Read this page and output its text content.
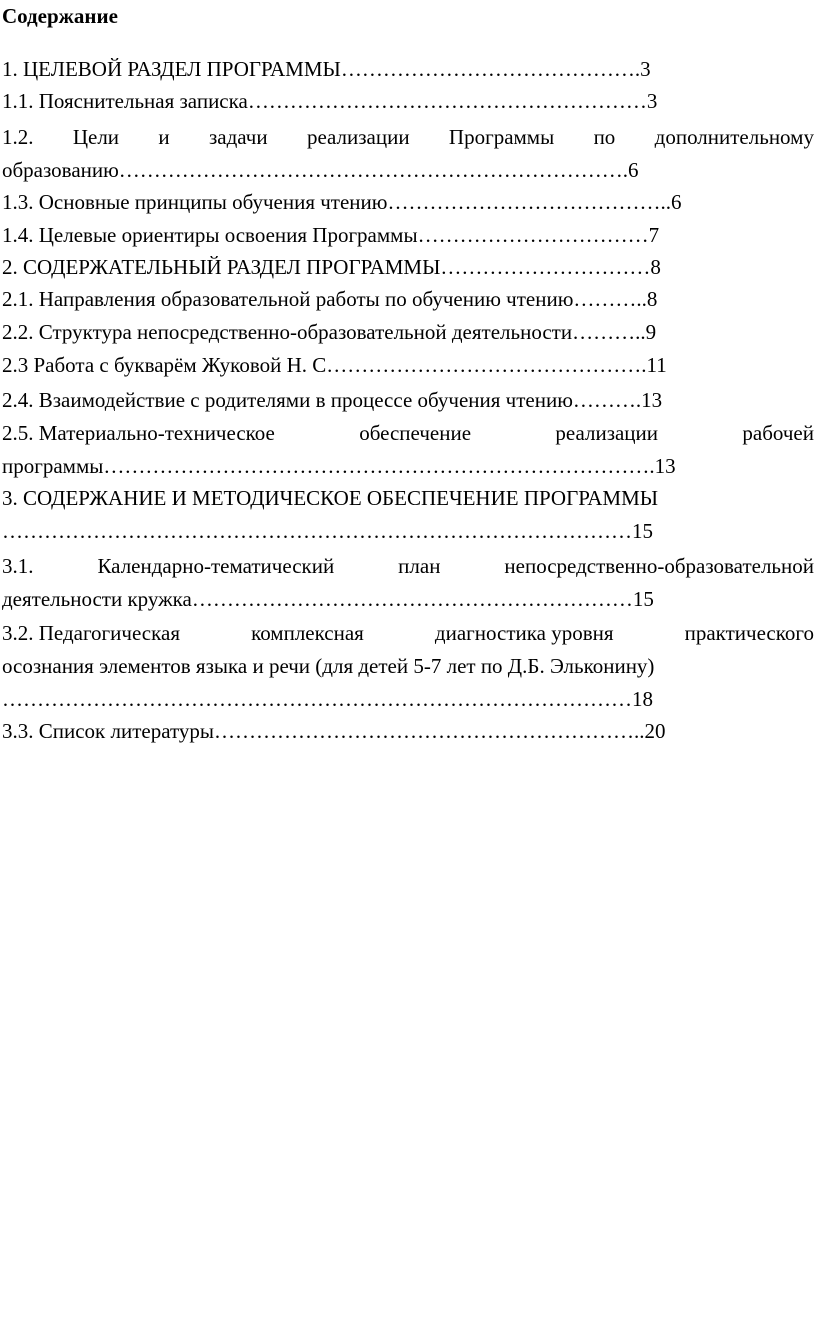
Содержание

1. ЦЕЛЕВОЙ РАЗДЕЛ ПРОГРАММЫ…………………………………….3

1.1. Пояснительная записка…………………………………………………3

1.2. Цели и задачи реализации Программы по дополнительному

образованию……………………………………………………………….6

1.3. Основные принципы обучения чтению…………………………………..6

1.4. Целевые ориентиры освоения Программы……………………………7

2. СОДЕРЖАТЕЛЬНЫЙ РАЗДЕЛ ПРОГРАММЫ…………………………8

2.1. Направления образовательной работы по обучению чтению………..8

2.2. Структура непосредственно-образовательной деятельности………..9

2.3 Работа с букварём Жуковой Н. С……………………………………….11

2.4. Взаимодействие с родителями в процессе обучения чтению……….13

2.5. Материально-техническое	обеспечение	реализации	рабочей

программы…………………………………………………………………….13

3. СОДЕРЖАНИЕ И МЕТОДИЧЕСКОЕ ОБЕСПЕЧЕНИЕ ПРОГРАММЫ

………………………………………………………………………………15

3.1.	Календарно-тематический	план	непосредственно-образовательной

деятельности кружка………………………………………………………15

3.2. Педагогическая	комплексная	диагностика уровня	практического

осознания элементов языка и речи (для детей 5-7 лет по Д.Б. Эльконину)

………………………………………………………………………………18

3.3. Список литературы……………………………………………………..20
